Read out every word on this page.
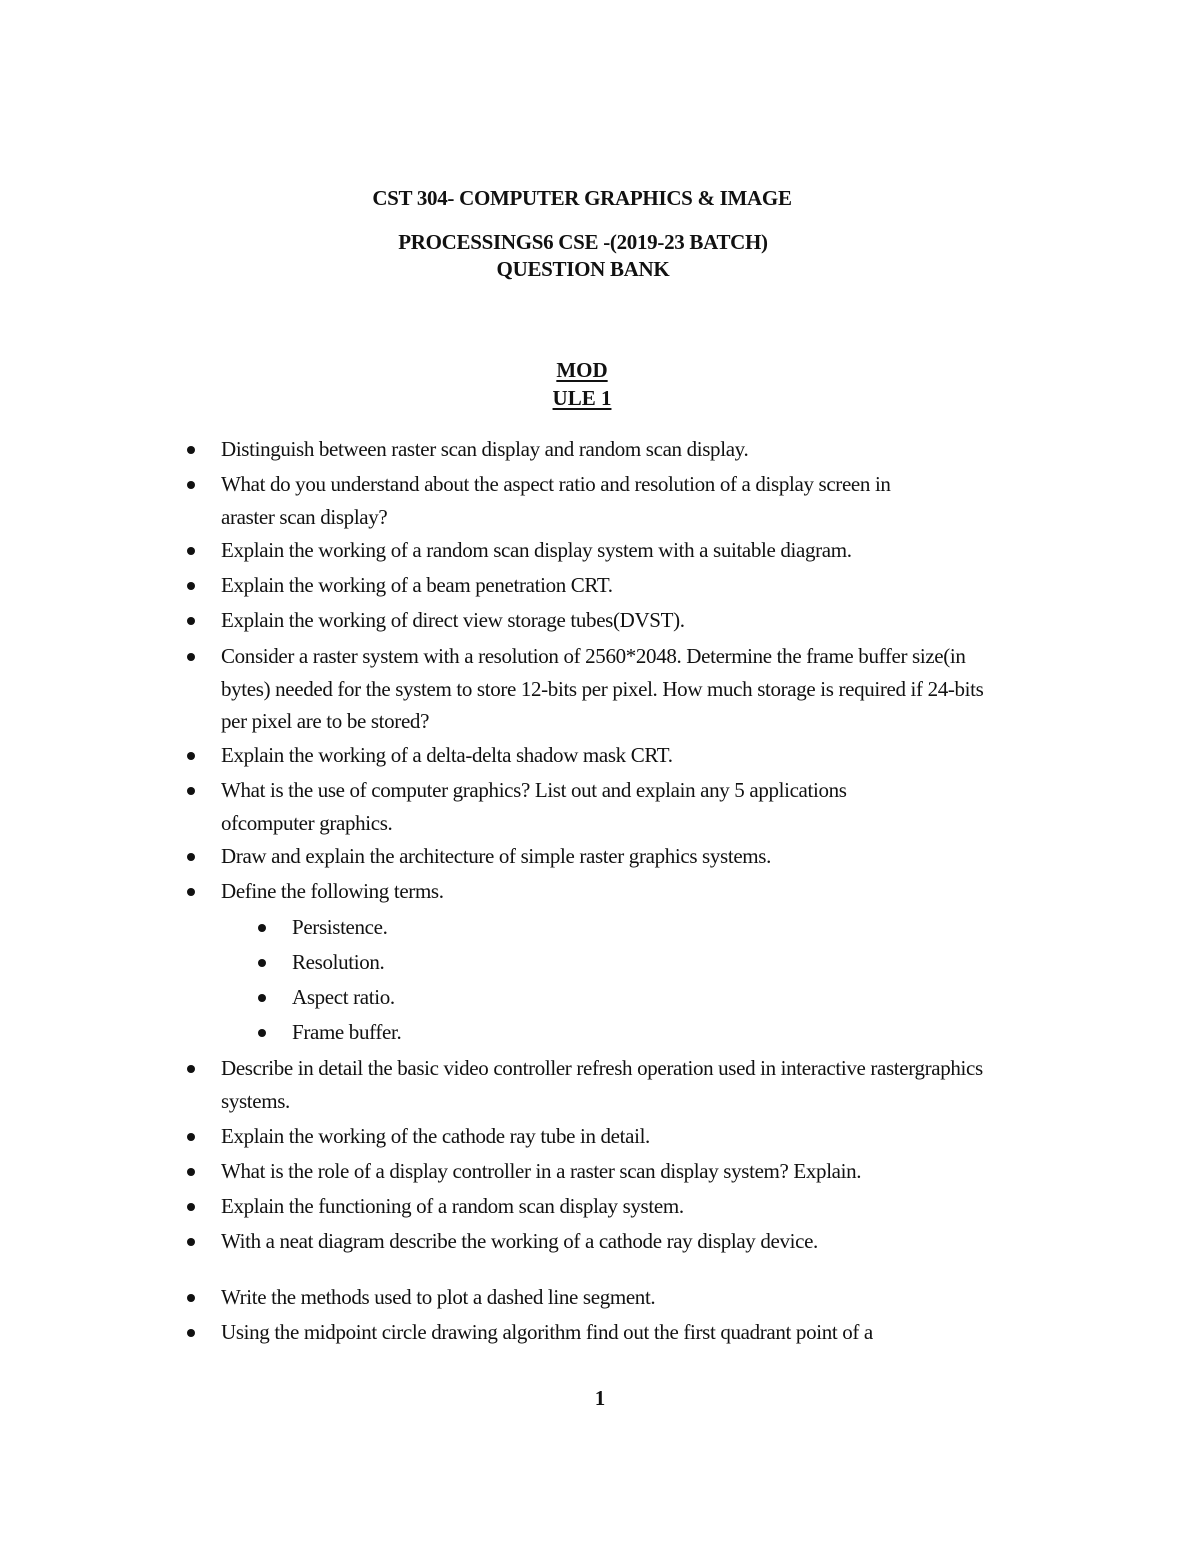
CST 304- COMPUTER GRAPHICS & IMAGE
PROCESSINGS6 CSE -(2019-23 BATCH)
QUESTION BANK
MOD
ULE 1
Distinguish between raster scan display and random scan display.
What do you understand about the aspect ratio and resolution of a display screen in araster scan display?
Explain the working of a random scan display system with a suitable diagram.
Explain the working of a beam penetration CRT.
Explain the working of direct view storage tubes(DVST).
Consider a raster system with a resolution of 2560*2048. Determine the frame buffer size(in bytes) needed for the system to store 12-bits per pixel. How much storage is required if 24-bits per pixel are to be stored?
Explain the working of a delta-delta shadow mask CRT.
What is the use of computer graphics? List out and explain any 5 applications ofcomputer graphics.
Draw and explain the architecture of simple raster graphics systems.
Define the following terms.
Persistence.
Resolution.
Aspect ratio.
Frame buffer.
Describe in detail the basic video controller refresh operation used in interactive rastergraphics systems.
Explain the working of the cathode ray tube in detail.
What is the role of a display controller in a raster scan display system? Explain.
Explain the functioning of a random scan display system.
With a neat diagram describe the working of a cathode ray display device.
Write the methods used to plot a dashed line segment.
Using the midpoint circle drawing algorithm find out the first quadrant point of a
1
